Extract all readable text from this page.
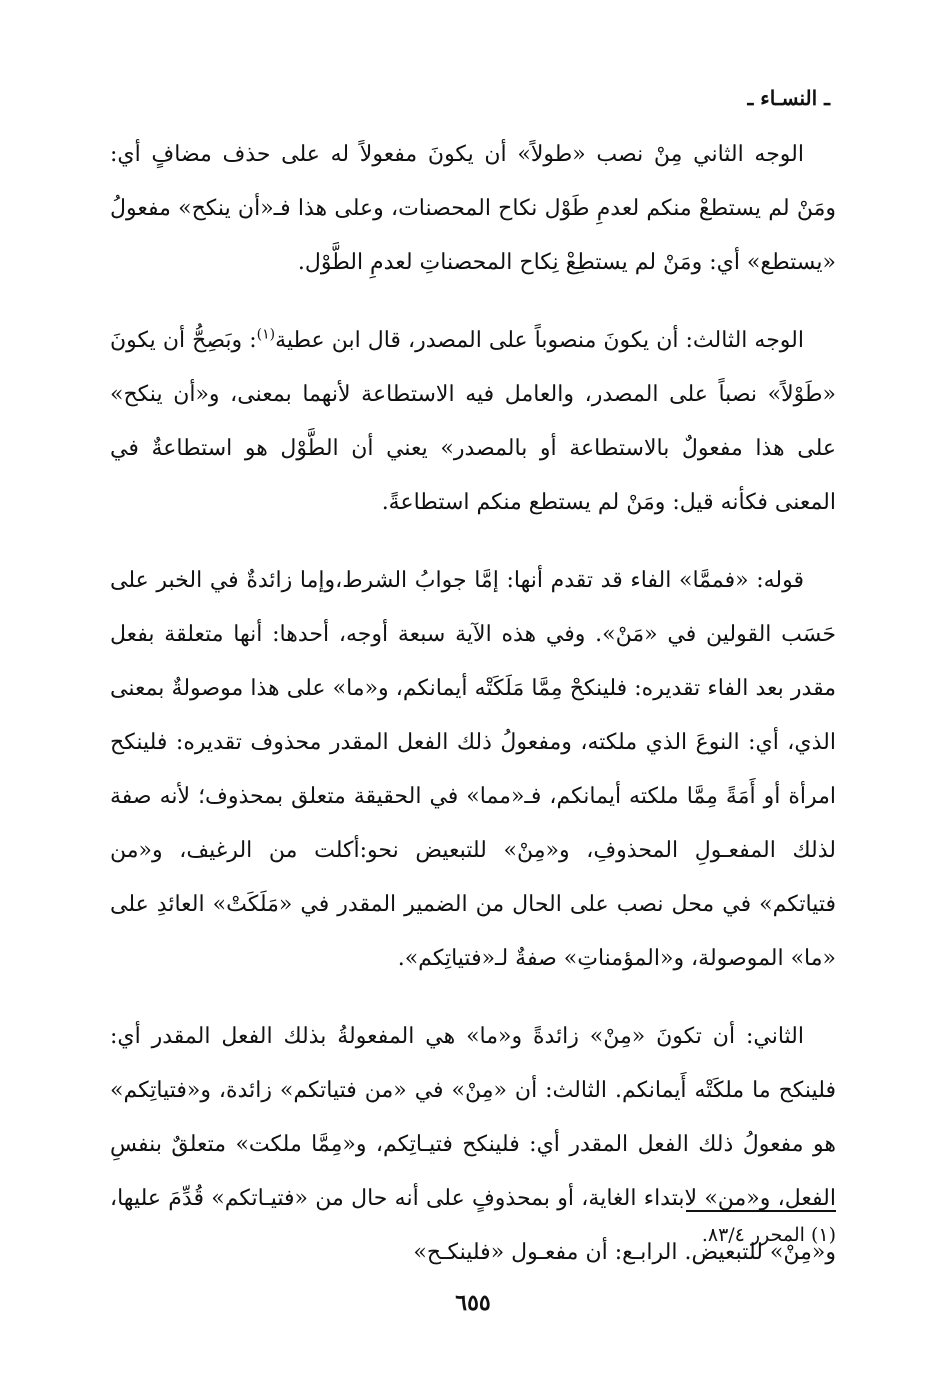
ـ النسـاء ـ

الوجه الثاني مِنْ نصب «طولاً» أن يكونَ مفعولاً له على حذف مضافٍ أي: ومَنْ لم يستطعْ منكم لعدمِ طَوْل نكاح المحصنات، وعلى هذا فـ«أن ينكح» مفعولُ «يستطع» أي: ومَنْ لم يستطِعْ نِكاح المحصناتِ لعدمِ الطَّوْل.

الوجه الثالث: أن يكونَ منصوباً على المصدر، قال ابن عطية$^{(١)}$: وبَصِحُّ أن يكونَ «طَوْلاً» نصباً على المصدر، والعامل فيه الاستطاعة لأنهما بمعنى، و«أن ينكح» على هذا مفعولٌ بالاستطاعة أو بالمصدر» يعني أن الطَّوْل هو استطاعةٌ في المعنى فكأنه قيل: ومَنْ لم يستطع منكم استطاعةً.

قوله: «فممَّا» الفاء قد تقدم أنها: إمَّا جوابُ الشرط،وإما زائدةٌ في الخبر على حَسَب القولين في «مَنْ». وفي هذه الآية سبعة أوجه، أحدها: أنها متعلقة بفعل مقدر بعد الفاء تقديره: فلينكحْ مِمَّا مَلَكَتْه أيمانكم، و«ما» على هذا موصولةٌ بمعنى الذي، أي: النوعَ الذي ملكته، ومفعولُ ذلك الفعل المقدر محذوف تقديره: فلينكح امرأة أو أَمَةً مِمَّا ملكته أيمانكم، فـ«مما» في الحقيقة متعلق بمحذوف؛ لأنه صفة لذلك المفعـولِ المحذوفِ، و«مِنْ» للتبعيض نحو:أكلت من الرغيف، و«من فتياتكم» في محل نصب على الحال من الضمير المقدر في «مَلَكَتْ» العائدِ على «ما» الموصولة، و«المؤمناتِ» صفةٌ لـ«فتياتِكم».

الثاني: أن تكونَ «مِنْ» زائدةً و«ما» هي المفعولةُ بذلك الفعل المقدر أي: فلينكح ما ملكَتْه أَيمانكم. الثالث: أن «مِنْ» في «من فتياتكم» زائدة، و«فتياتِكم» هو مفعولُ ذلك الفعل المقدر أي: فلينكح فتيـاتِكم، و«مِمَّا ملكت» متعلقٌ بنفسِ الفعل، و«من» لابتداء الغاية، أو بمحذوفٍ على أنه حال من «فتيـاتكم» قُدِّمَ عليها، و«مِنْ» للتبعيض. الرابـع: أن مفعـول «فلينكـح»

(١) المحرر ٨٣/٤.
٦٥٥
